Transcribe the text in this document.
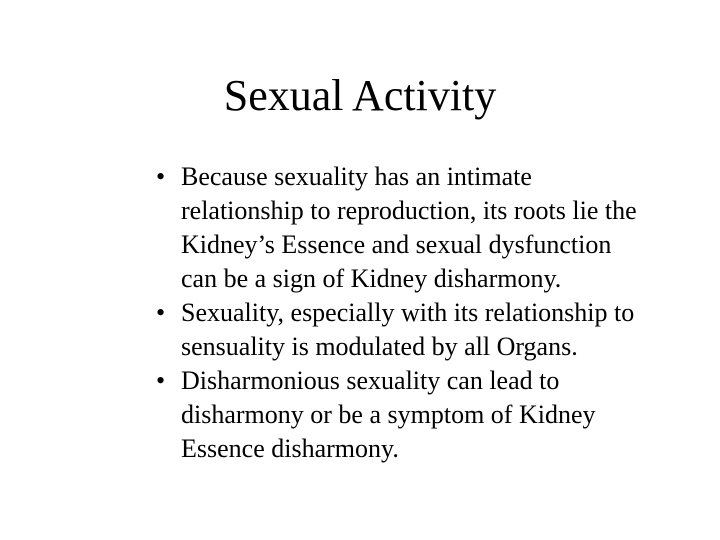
Sexual Activity
• Because sexuality has an intimate
relationship to reproduction, its roots lie the
Kidney’s Essence and sexual dysfunction
can be a sign of Kidney disharmony.
• Sexuality, especially with its relationship to
sensuality is modulated by all Organs.
• Disharmonious sexuality can lead to
disharmony or be a symptom of Kidney
Essence disharmony.
